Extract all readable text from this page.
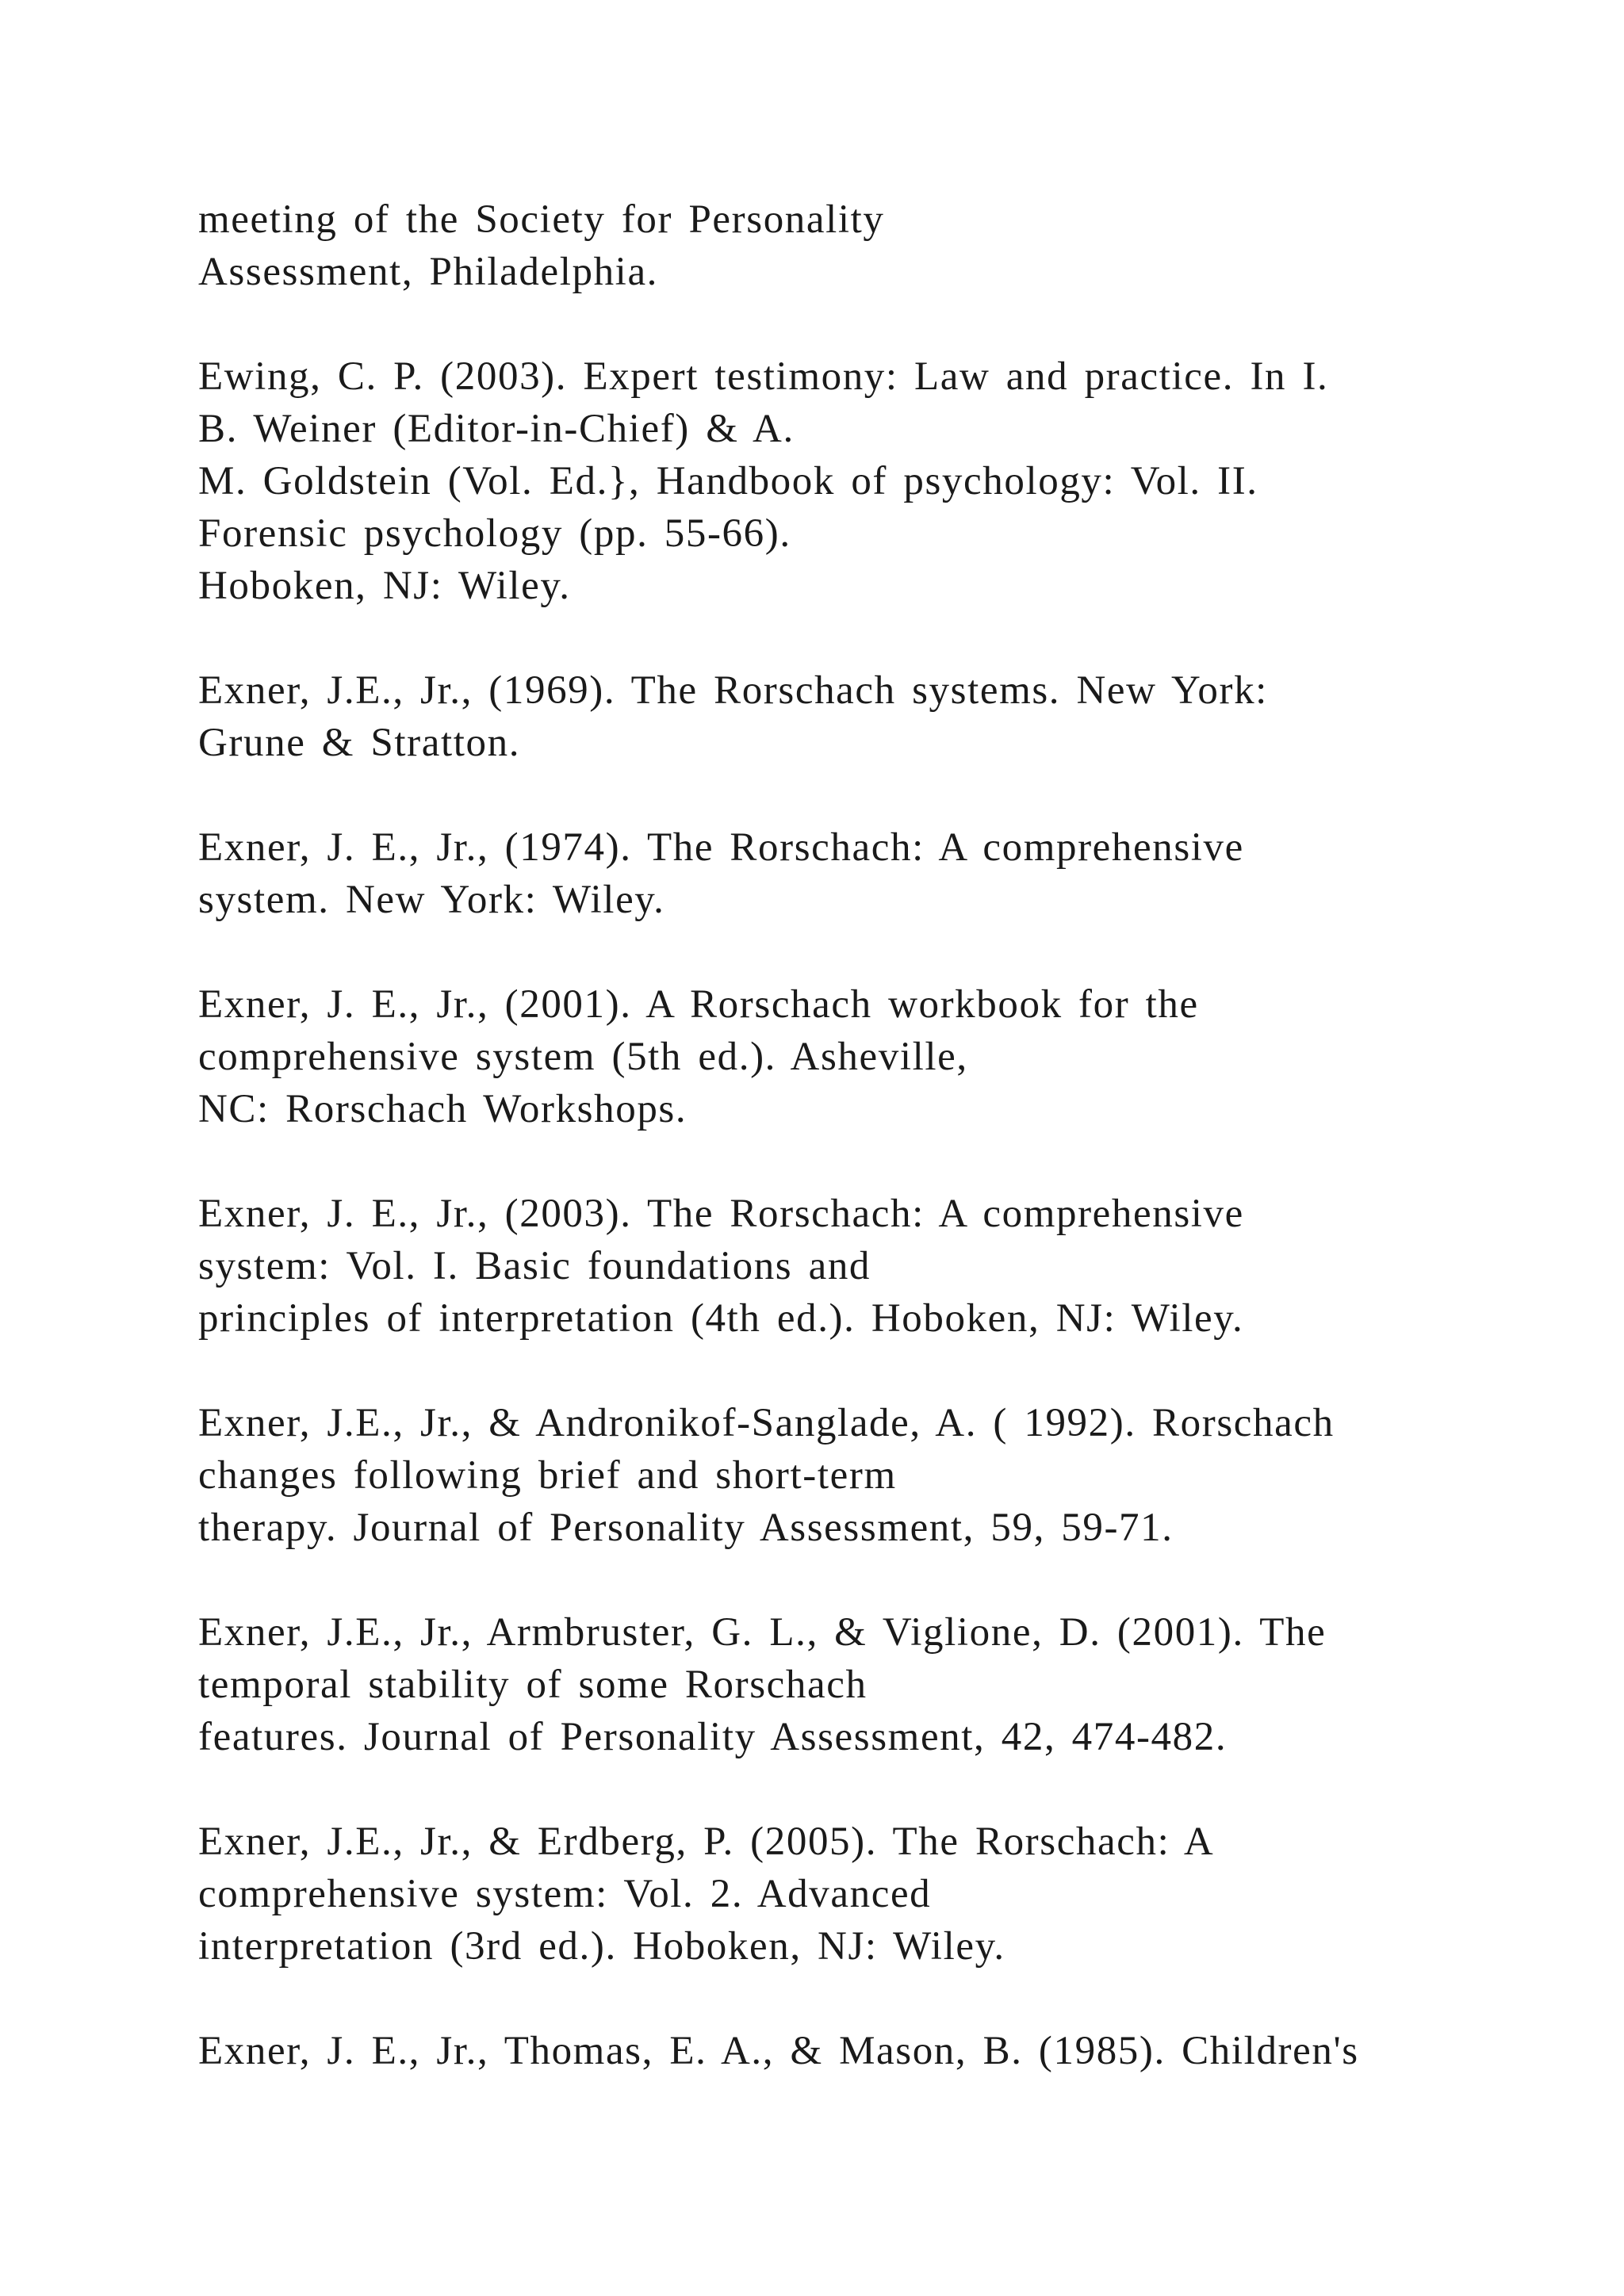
meeting of the Society for Personality
Assessment, Philadelphia.
Ewing, C. P. (2003). Expert testimony: Law and practice. In I.
B. Weiner (Editor-in-Chief) & A.
M. Goldstein (Vol. Ed.}, Handbook of psychology: Vol. II.
Forensic psychology (pp. 55-66).
Hoboken, NJ: Wiley.
Exner, J.E., Jr., (1969). The Rorschach systems. New York:
Grune & Stratton.
Exner, J. E., Jr., (1974). The Rorschach: A comprehensive
system. New York: Wiley.
Exner, J. E., Jr., (2001). A Rorschach workbook for the
comprehensive system (5th ed.). Asheville,
NC: Rorschach Workshops.
Exner, J. E., Jr., (2003). The Rorschach: A comprehensive
system: Vol. I. Basic foundations and
principles of interpretation (4th ed.). Hoboken, NJ: Wiley.
Exner, J.E., Jr., & Andronikof-Sanglade, A. ( 1992). Rorschach
changes following brief and short-term
therapy. Journal of Personality Assessment, 59, 59-71.
Exner, J.E., Jr., Armbruster, G. L., & Viglione, D. (2001). The
temporal stability of some Rorschach
features. Journal of Personality Assessment, 42, 474-482.
Exner, J.E., Jr., & Erdberg, P. (2005). The Rorschach: A
comprehensive system: Vol. 2. Advanced
interpretation (3rd ed.). Hoboken, NJ: Wiley.
Exner, J. E., Jr., Thomas, E. A., & Mason, B. (1985). Children's
